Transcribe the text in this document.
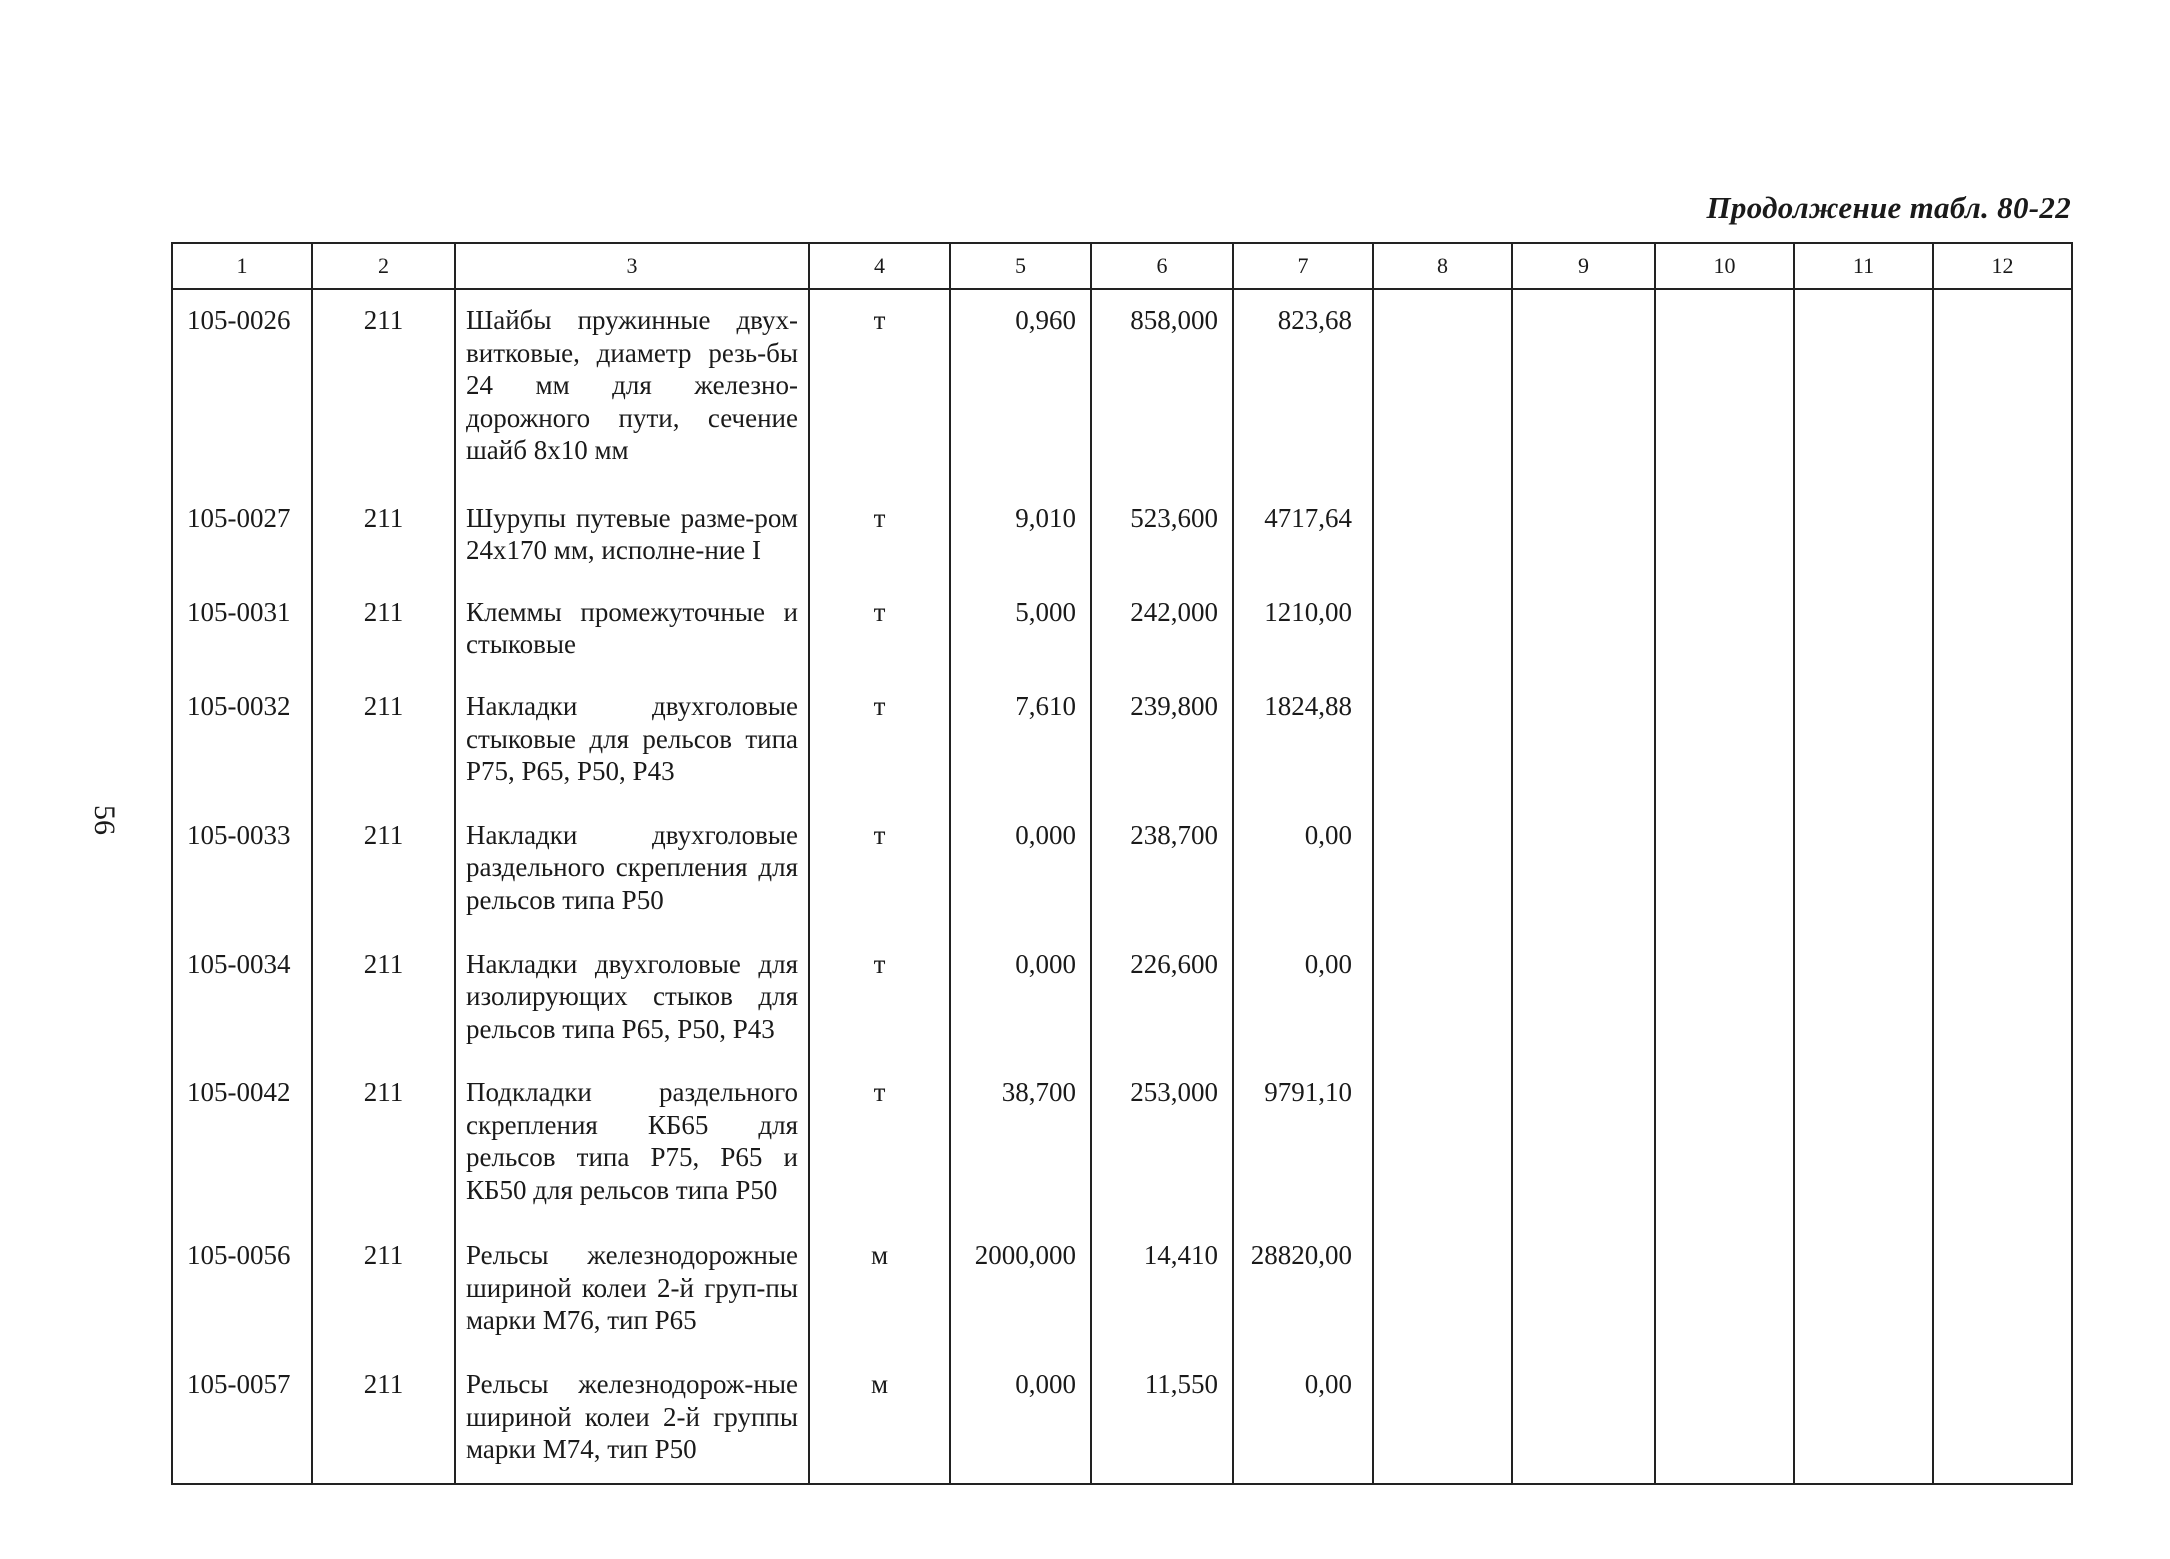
Продолжение табл. 80-22
56
1	2	3	4	5	6	7	8	9	10	11	12
105-0026	211	Шайбы пружинные двух-витковые, диаметр резь-бы 24 мм для железно-дорожного пути, сечение шайб 8x10 мм	т	0,960	858,000	823,68					
105-0027	211	Шурупы путевые разме-ром 24x170 мм, исполне-ние I	т	9,010	523,600	4717,64					
105-0031	211	Клеммы промежуточные и стыковые	т	5,000	242,000	1210,00					
105-0032	211	Накладки двухголовые стыковые для рельсов типа Р75, Р65, Р50, Р43	т	7,610	239,800	1824,88					
105-0033	211	Накладки двухголовые раздельного скрепления для рельсов типа Р50	т	0,000	238,700	0,00					
105-0034	211	Накладки двухголовые для изолирующих стыков для рельсов типа Р65, Р50, Р43	т	0,000	226,600	0,00					
105-0042	211	Подкладки раздельного скрепления КБ65 для рельсов типа Р75, Р65 и КБ50 для рельсов типа Р50	т	38,700	253,000	9791,10					
105-0056	211	Рельсы железнодорожные шириной колеи 2-й груп-пы марки М76, тип Р65	м	2000,000	14,410	28820,00					
105-0057	211	Рельсы железнодорож-ные шириной колеи 2-й группы марки М74, тип Р50	м	0,000	11,550	0,00					
